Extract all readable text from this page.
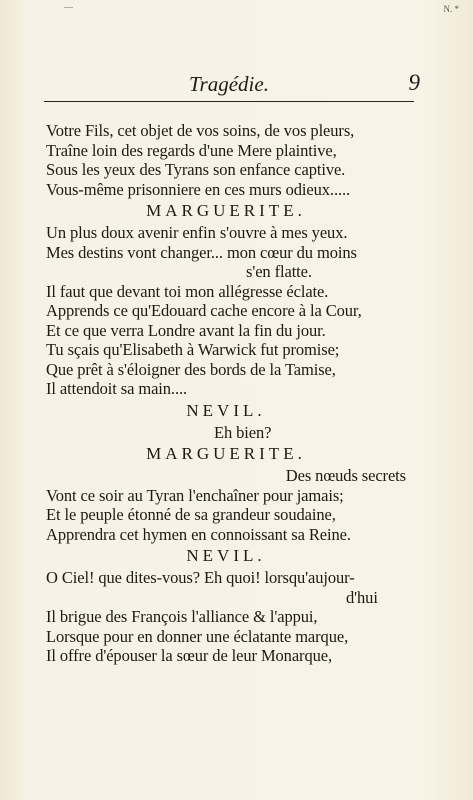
—	N. *
Tragédie.	9
Votre Fils, cet objet de vos soins, de vos pleurs,
Traîne loin des regards d'une Mere plaintive,
Sous les yeux des Tyrans son enfance captive.
Vous-même prisonniere en ces murs odieux.....
MARGUERITE.
Un plus doux avenir enfin s'ouvre à mes yeux.
Mes destins vont changer... mon cœur du moins
s'en flatte.
Il faut que devant toi mon allégresse éclate.
Apprends ce qu'Edouard cache encore à la Cour,
Et ce que verra Londre avant la fin du jour.
Tu sçais qu'Elisabeth à Warwick fut promise;
Que prêt à s'éloigner des bords de la Tamise,
Il attendoit sa main....
NEVIL.
Eh bien?
MARGUERITE.
Des nœuds secrets
Vont ce soir au Tyran l'enchaîner pour jamais;
Et le peuple étonné de sa grandeur soudaine,
Apprendra cet hymen en connoissant sa Reine.
NEVIL.
O Ciel! que dites-vous? Eh quoi! lorsqu'aujour-
d'hui
Il brigue des François l'alliance & l'appui,
Lorsque pour en donner une éclatante marque,
Il offre d'épouser la sœur de leur Monarque,
